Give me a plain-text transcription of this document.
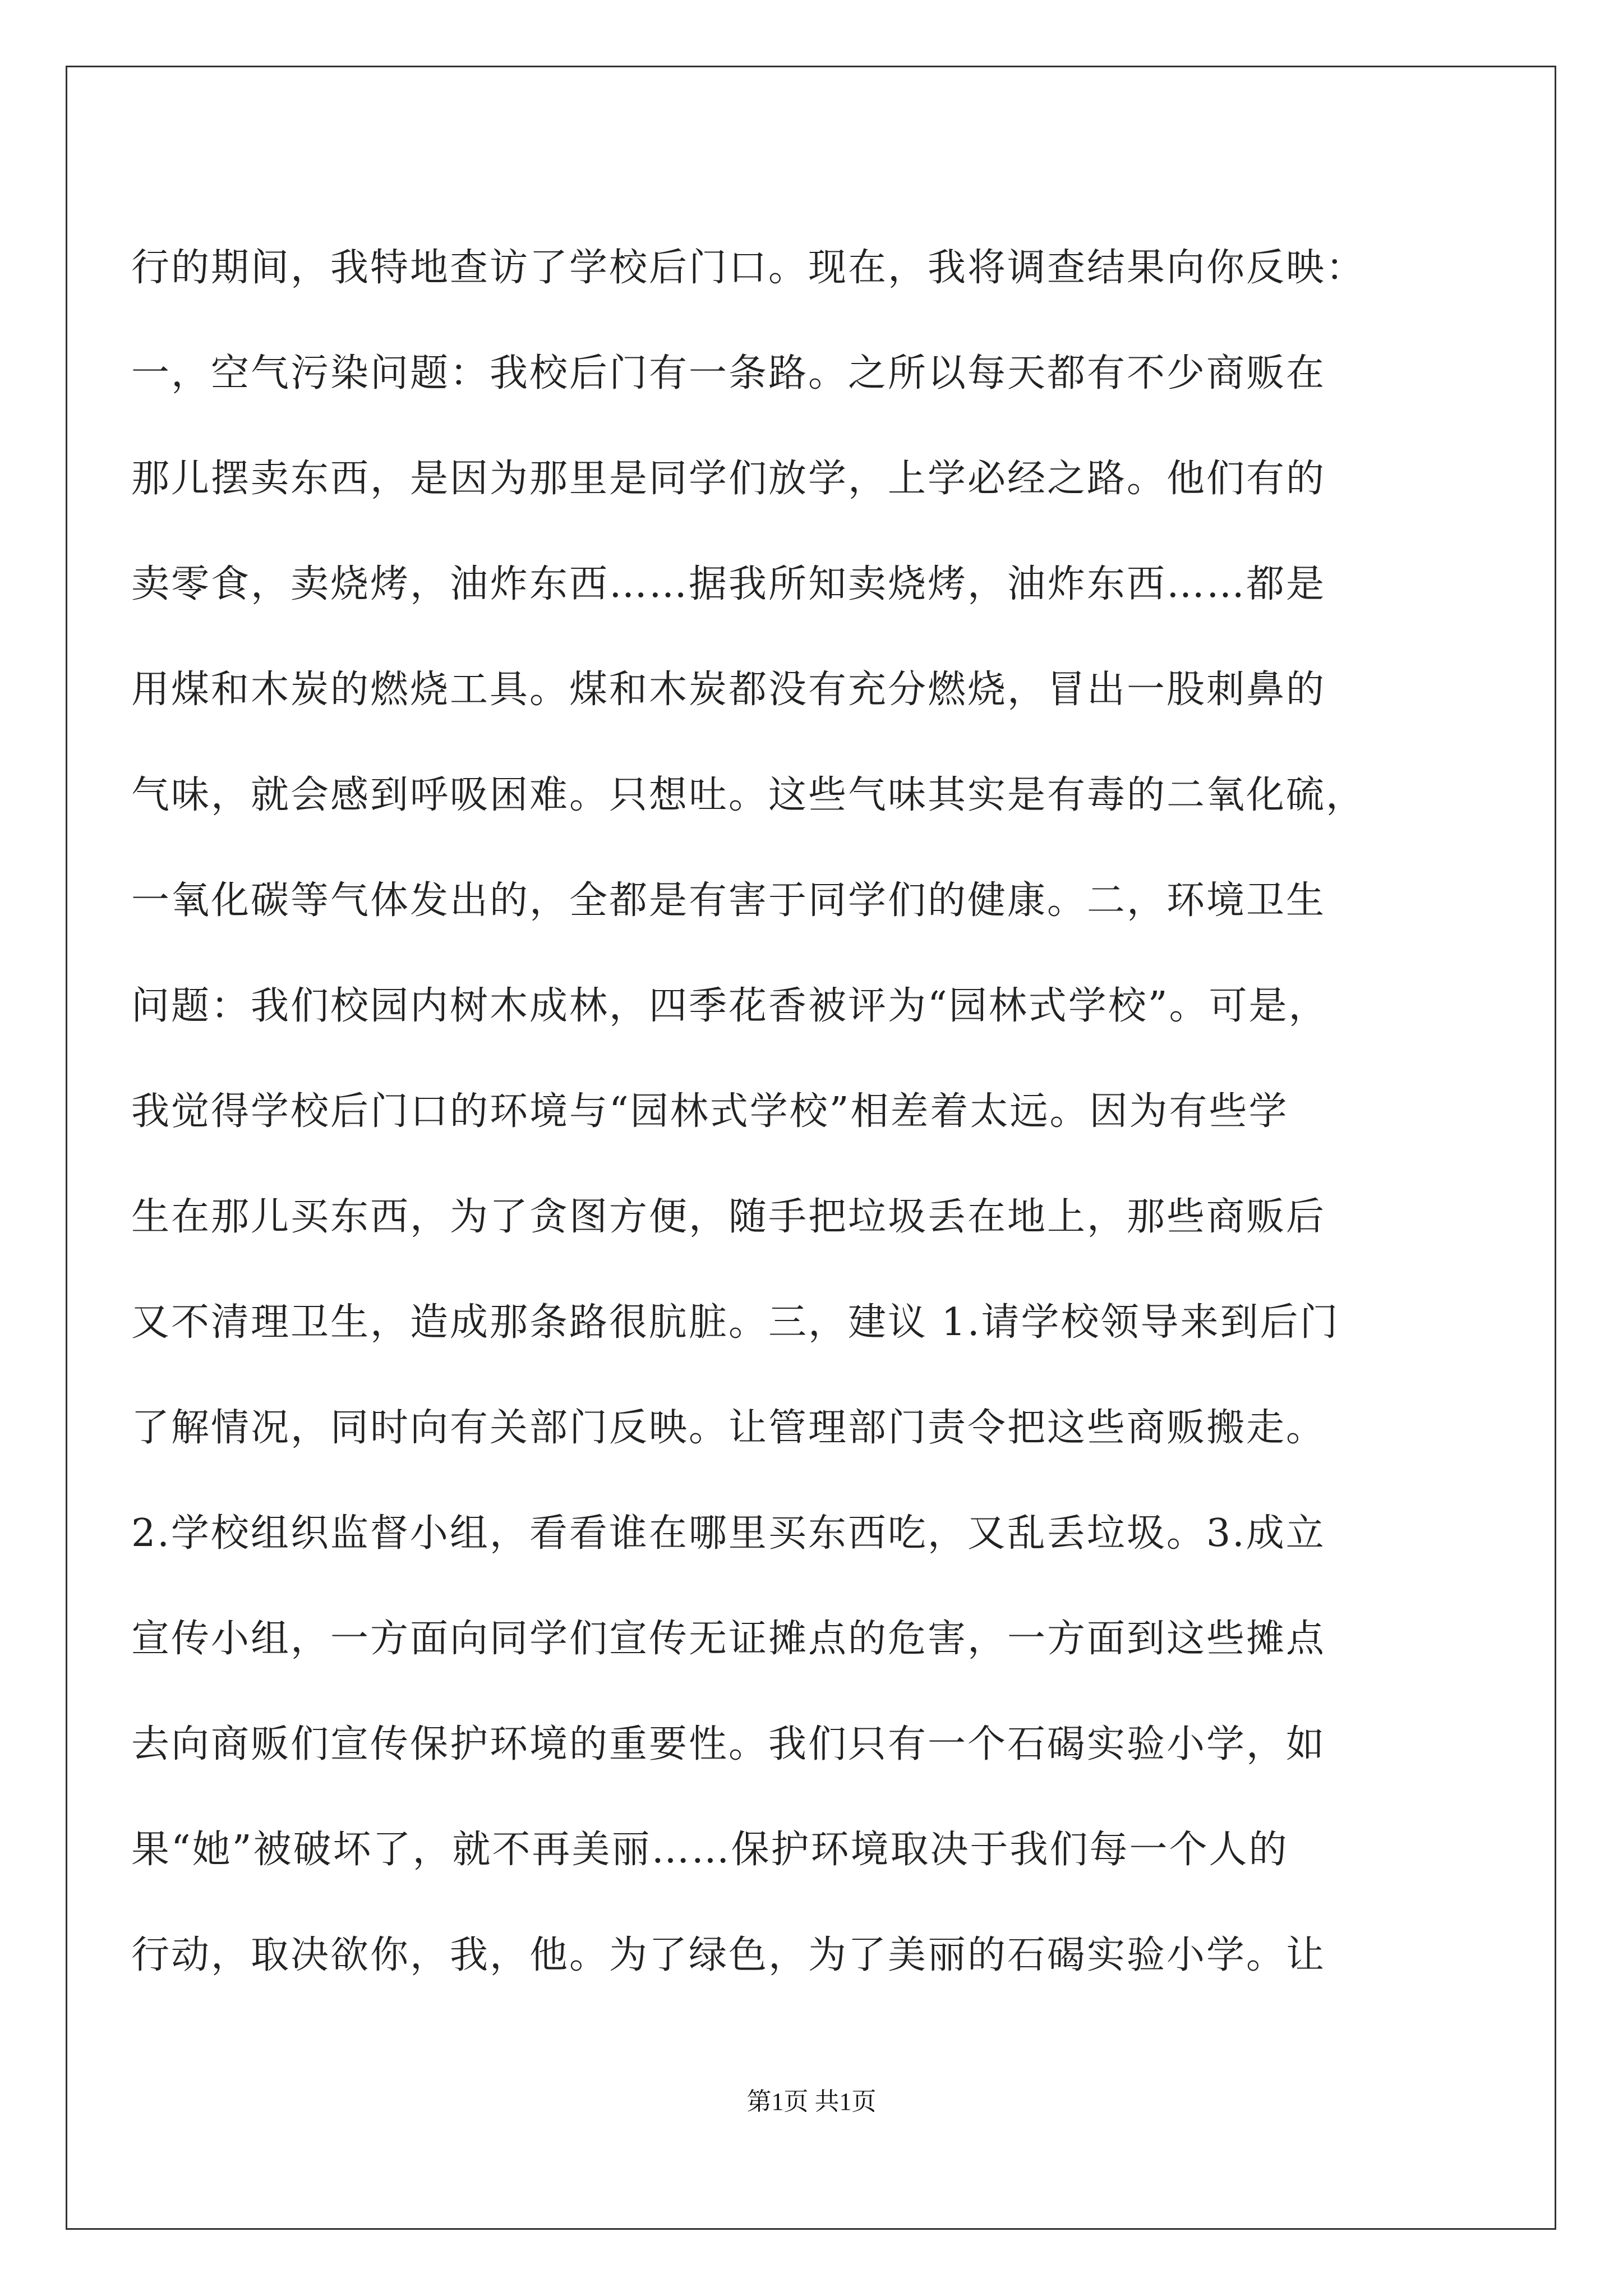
行的期间，我特地查访了学校后门口。现在，我将调查结果向你反映：

一，空气污染问题：我校后门有一条路。之所以每天都有不少商贩在

那儿摆卖东西，是因为那里是同学们放学，上学必经之路。他们有的

卖零食，卖烧烤，油炸东西……据我所知卖烧烤，油炸东西……都是

用煤和木炭的燃烧工具。煤和木炭都没有充分燃烧，冒出一股刺鼻的

气味，就会感到呼吸困难。只想吐。这些气味其实是有毒的二氧化硫，

一氧化碳等气体发出的，全都是有害于同学们的健康。二，环境卫生

问题：我们校园内树木成林，四季花香被评为“园林式学校”。可是，

我觉得学校后门口的环境与“园林式学校”相差着太远。因为有些学

生在那儿买东西，为了贪图方便，随手把垃圾丢在地上，那些商贩后

又不清理卫生，造成那条路很肮脏。三，建议 1.请学校领导来到后门

了解情况，同时向有关部门反映。让管理部门责令把这些商贩搬走。

2.学校组织监督小组，看看谁在哪里买东西吃，又乱丢垃圾。3.成立

宣传小组，一方面向同学们宣传无证摊点的危害，一方面到这些摊点

去向商贩们宣传保护环境的重要性。我们只有一个石碣实验小学，如

果“她”被破坏了，就不再美丽……保护环境取决于我们每一个人的

行动，取决欲你，我，他。为了绿色，为了美丽的石碣实验小学。让

第1页 共1页
